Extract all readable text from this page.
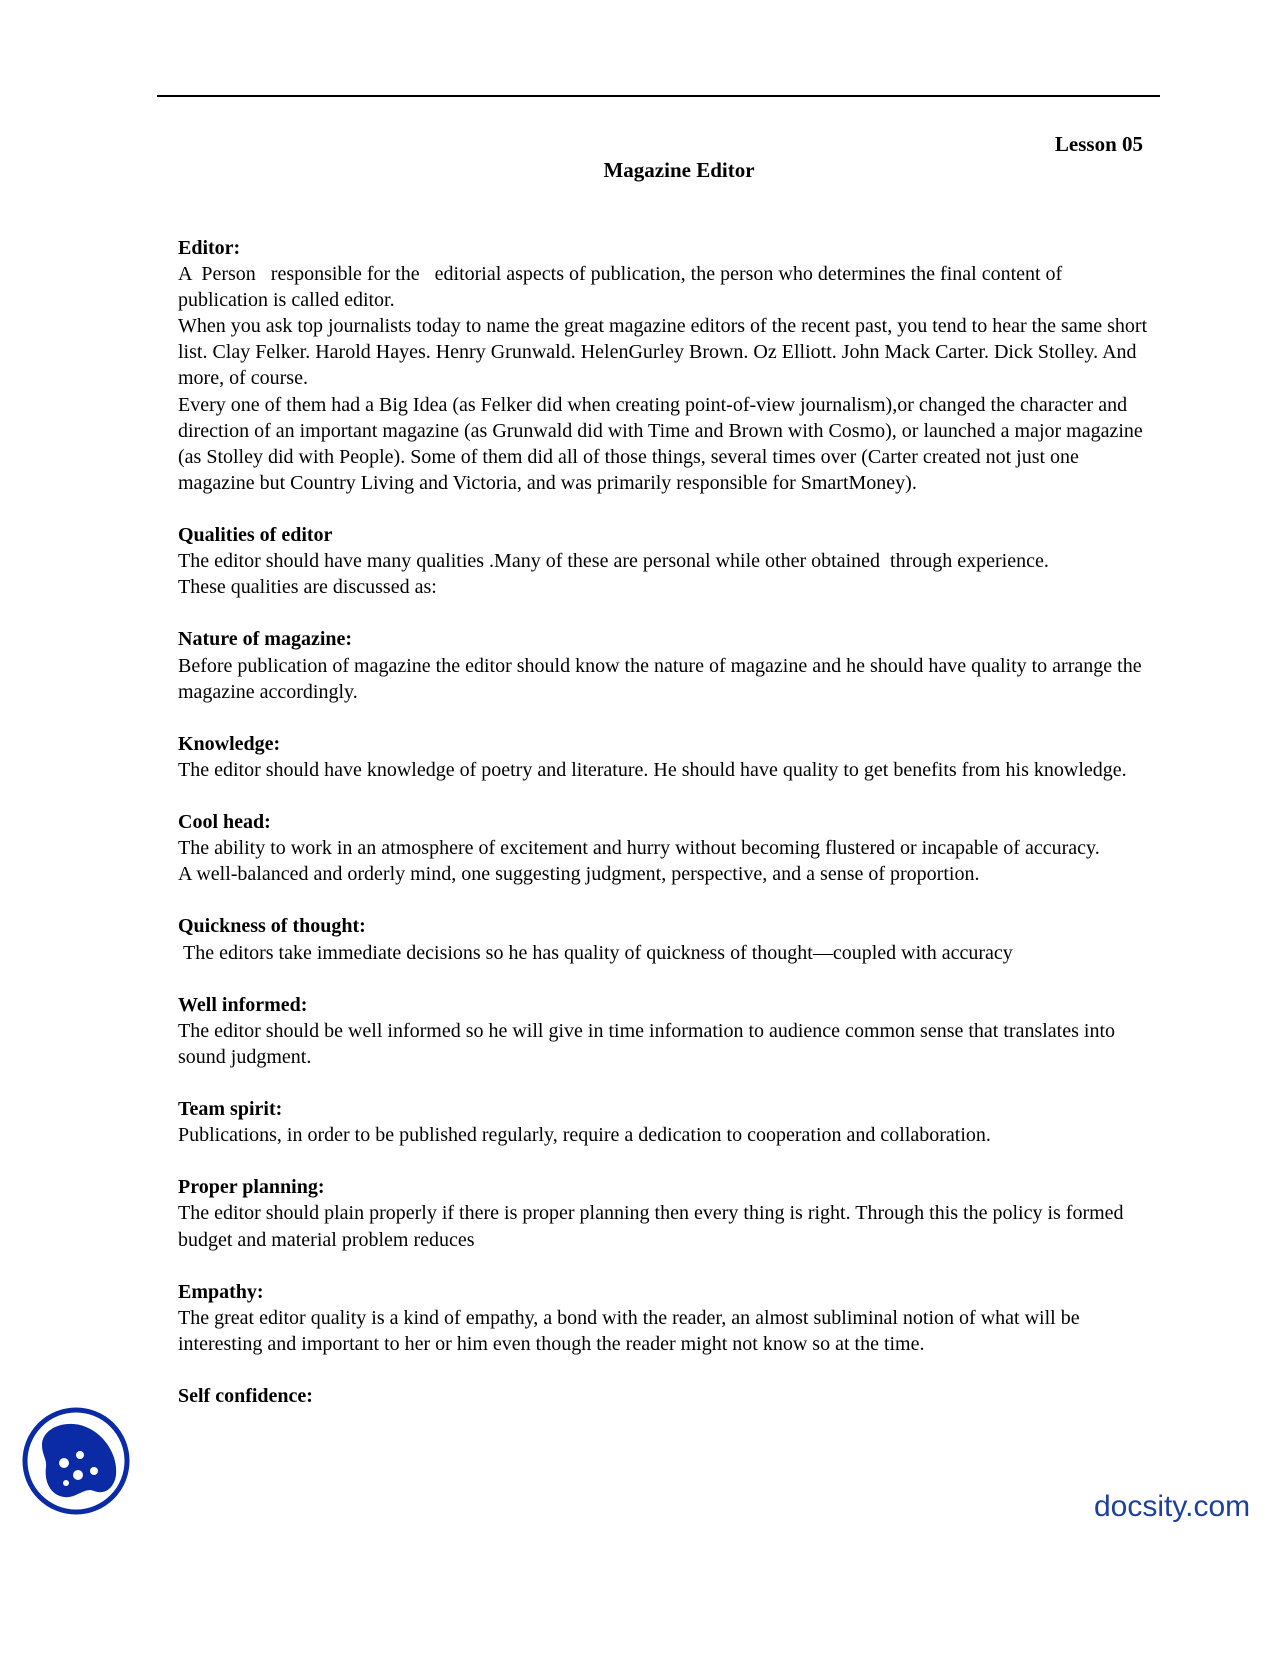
Lesson 05
Magazine Editor
Editor:

A  Person   responsible for the   editorial aspects of publication, the person who determines the final content of publication is called editor.

When you ask top journalists today to name the great magazine editors of the recent past, you tend to hear the same short list. Clay Felker. Harold Hayes. Henry Grunwald. HelenGurley Brown. Oz Elliott. John Mack Carter. Dick Stolley. And more, of course.

Every one of them had a Big Idea (as Felker did when creating point-of-view journalism),or changed the character and direction of an important magazine (as Grunwald did with Time and Brown with Cosmo), or launched a major magazine (as Stolley did with People). Some of them did all of those things, several times over (Carter created not just one magazine but Country Living and Victoria, and was primarily responsible for SmartMoney).

Qualities of editor

The editor should have many qualities .Many of these are personal while other obtained  through experience.

These qualities are discussed as:

Nature of magazine:

Before publication of magazine the editor should know the nature of magazine and he should have quality to arrange the magazine accordingly.

Knowledge:

The editor should have knowledge of poetry and literature. He should have quality to get benefits from his knowledge.

Cool head:

The ability to work in an atmosphere of excitement and hurry without becoming flustered or incapable of accuracy.

A well-balanced and orderly mind, one suggesting judgment, perspective, and a sense of proportion.

Quickness of thought:

The editors take immediate decisions so he has quality of quickness of thought—coupled with accuracy

Well informed:

The editor should be well informed so he will give in time information to audience common sense that translates into sound judgment.

Team spirit:

Publications, in order to be published regularly, require a dedication to cooperation and collaboration.

Proper planning:

The editor should plain properly if there is proper planning then every thing is right. Through this the policy is formed budget and material problem reduces

Empathy:

The great editor quality is a kind of empathy, a bond with the reader, an almost subliminal notion of what will be interesting and important to her or him even though the reader might not know so at the time.

Self confidence:
docsity.com
